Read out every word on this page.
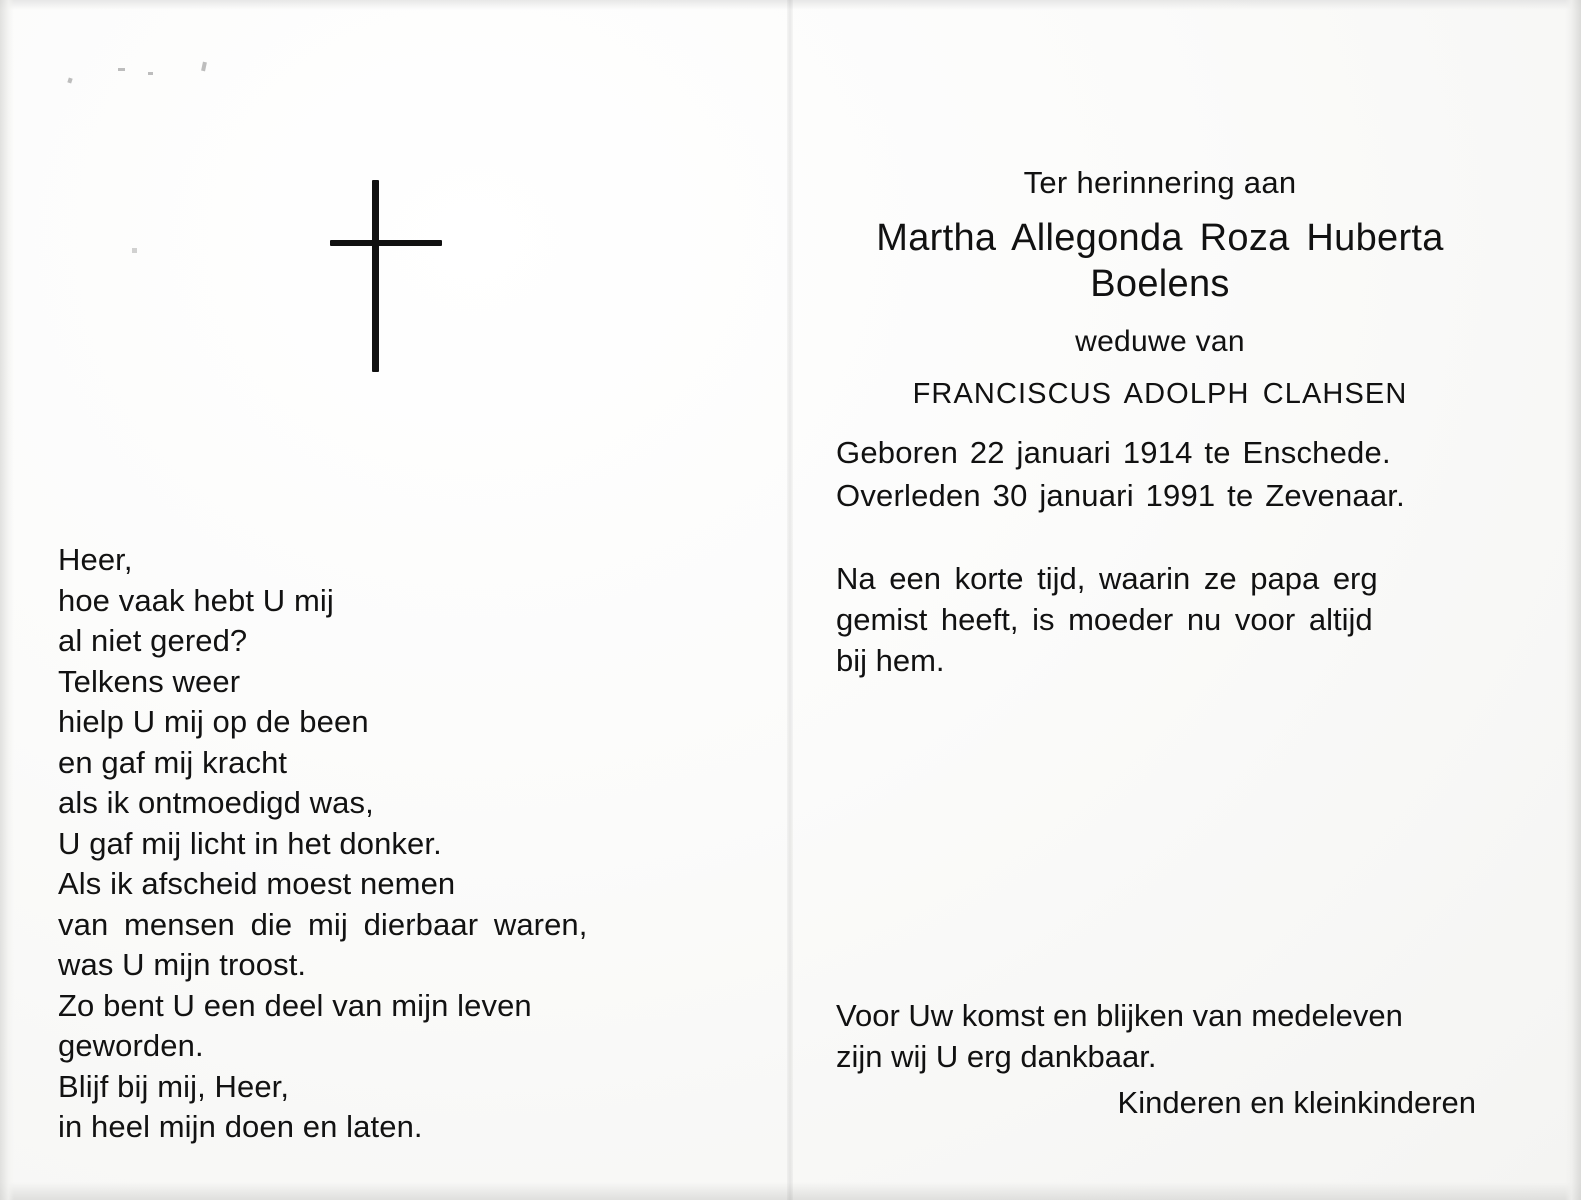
Heer,
hoe vaak hebt U mij
al niet gered?
Telkens weer
hielp U mij op de been
en gaf mij kracht
als ik ontmoedigd was,
U gaf mij licht in het donker.
Als ik afscheid moest nemen
van mensen die mij dierbaar waren,
was U mijn troost.
Zo bent U een deel van mijn leven
geworden.
Blijf bij mij, Heer,
in heel mijn doen en laten.
Ter herinnering aan
Martha Allegonda Roza Huberta
Boelens
weduwe van
FRANCISCUS ADOLPH CLAHSEN
Geboren 22 januari 1914 te Enschede.
Overleden 30 januari 1991 te Zevenaar.
Na een korte tijd, waarin ze papa erg
gemist heeft, is moeder nu voor altijd
bij hem.
Voor Uw komst en blijken van medeleven
zijn wij U erg dankbaar.
Kinderen en kleinkinderen
